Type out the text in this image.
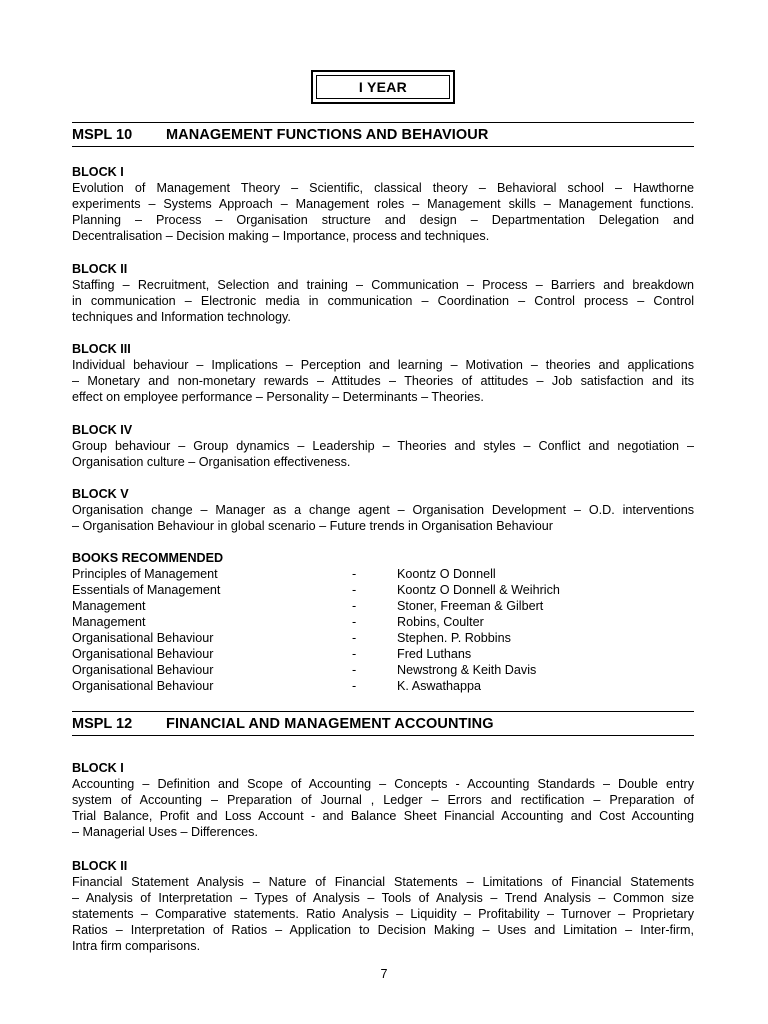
I YEAR
MSPL 10	MANAGEMENT FUNCTIONS AND BEHAVIOUR
BLOCK I
Evolution of Management Theory – Scientific, classical theory – Behavioral school – Hawthorne
experiments – Systems Approach – Management roles – Management skills – Management functions.
Planning – Process – Organisation structure and design – Departmentation Delegation and
Decentralisation – Decision making – Importance, process and techniques.
BLOCK II
Staffing – Recruitment, Selection and training – Communication – Process – Barriers and breakdown
in communication – Electronic media in communication – Coordination – Control process – Control
techniques and Information technology.
BLOCK III
Individual behaviour – Implications – Perception and learning – Motivation – theories and applications
– Monetary and non-monetary rewards – Attitudes – Theories of attitudes – Job satisfaction and its
effect on employee performance – Personality – Determinants – Theories.
BLOCK IV
Group behaviour – Group dynamics – Leadership – Theories and styles – Conflict and negotiation –
Organisation culture – Organisation effectiveness.
BLOCK V
Organisation change – Manager as a change agent – Organisation Development – O.D. interventions
– Organisation Behaviour in global scenario – Future trends in Organisation Behaviour
BOOKS RECOMMENDED
Principles of Management	-	Koontz O Donnell
Essentials of Management	-	Koontz O Donnell & Weihrich
Management	-	Stoner, Freeman & Gilbert
Management	-	Robins, Coulter
Organisational Behaviour	-	Stephen. P. Robbins
Organisational Behaviour	-	Fred Luthans
Organisational Behaviour	-	Newstrong & Keith Davis
Organisational Behaviour	-	K. Aswathappa
MSPL 12	FINANCIAL AND MANAGEMENT ACCOUNTING
BLOCK I
Accounting – Definition and Scope of Accounting – Concepts - Accounting Standards – Double entry
system of Accounting – Preparation of Journal , Ledger – Errors and rectification – Preparation of
Trial Balance, Profit and Loss Account - and Balance Sheet Financial Accounting and Cost Accounting
– Managerial Uses – Differences.
BLOCK II
Financial Statement Analysis – Nature of Financial Statements – Limitations of Financial Statements
– Analysis of Interpretation – Types of Analysis – Tools of Analysis – Trend Analysis – Common size
statements – Comparative statements. Ratio Analysis – Liquidity – Profitability – Turnover – Proprietary
Ratios – Interpretation of Ratios – Application to Decision Making – Uses and Limitation – Inter-firm,
Intra firm comparisons.
7
